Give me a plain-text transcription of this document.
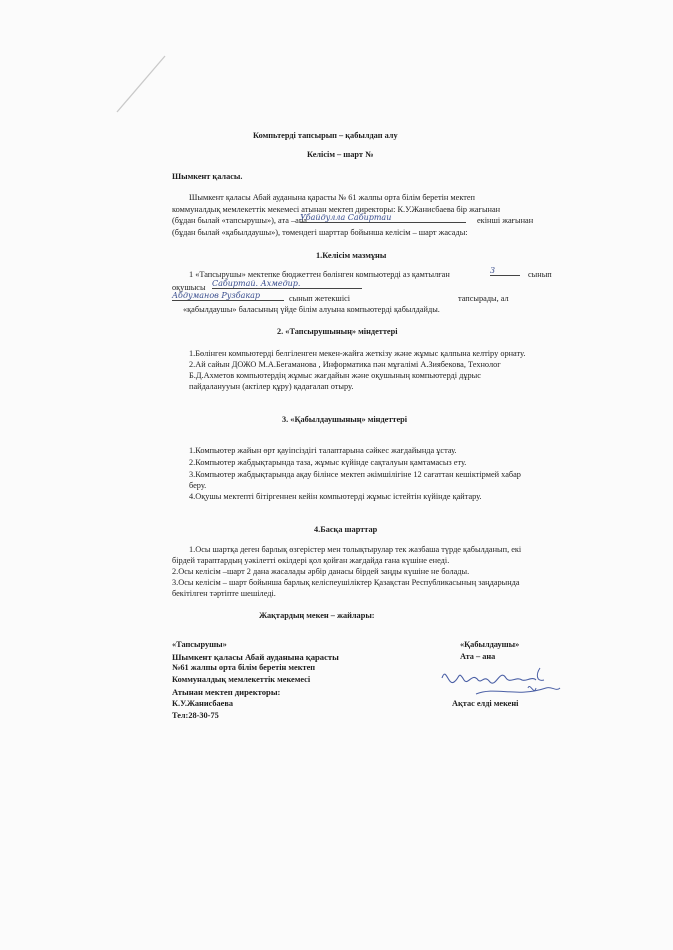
Компьтерді тапсырып – қабылдап алу
Келісім – шарт №
Шымкент қаласы.
Шымкент қаласы Абай ауданына қарасты № 61 жалпы орта білім беретін мектеп
коммуналдық мемлекеттік мекемесі атынан мектеп директоры: К.У.Жанисбаева бір жағынан
(бұдан былай «тапсырушы»), ата –ана
Убайдулла Сабиртаи	екінші жағынан
(бұдан былай «қабылдаушы»), төмендегі шарттар бойынша келісім – шарт жасады:
1.Келісім мазмұны
1 «Тапсырушы» мектепке бюджеттен бөлінген компьютерді аз қамтылған	3	сынып
оқушысы Сабиртай. Ахмедир.
Абдуманов Рузбакар	сынып жетекшісі	тапсырады, ал
«қабылдаушы» баласының үйде білім алуына компьютерді қабылдайды.
2. «Тапсырушының» міндеттері
1.Бөлінген компьютерді белгіленген мекен-жайға жеткізу және жұмыс қалпына келтіру орнату.
2.Ай сайын ДОЖО М.А.Бегаманова , Информатика пән мұғалімі А.Зиябекова, Технолог
Б.Д.Ахметов компьютердің жұмыс жағдайын және оқушының компьютерді дұрыс
пайдаланууын (актілер құру) қадағалап отыру.
3. «Қабылдаушының» міндеттері
1.Компьютер жайын өрт қауіпсіздігі талаптарына сәйкес жағдайында ұстау.
2.Компьютер жабдықтарында таза, жұмыс күйінде сақталуын қамтамасыз ету.
3.Компьютер жабдықтарында ақау білінсе мектеп әкімшілігіне 12 сағаттан кешіктірмей хабар
беру.
4.Оқушы мектепті бітіргеннен кейін компьютерді жұмыс істейтін күйінде қайтару.
4.Басқа шарттар
1.Осы шартқа деген барлық өзгерістер мен толықтырулар тек жазбаша түрде қабылданып, екі
бірдей тараптардың уәкілетті өкілдері қол қойған жағдайда ғана күшіне енеді.
2.Осы келісім –шарт 2 дана жасалады әрбір данасы бірдей заңды күшіне не болады.
3.Осы келісім – шарт бойынша барлық келіспеушіліктер Қазақстан Республикасының заңдарында
бекітілген тәртіпте шешіледі.
Жақтардың мекен – жайлары:
«Тапсырушы»
Шымкент қаласы Абай ауданына қарасты
№61 жалпы орта білім беретін мектеп
Коммуналдық мемлекеттік мекемесі
Атынан мектеп директоры:
К.У.Жанисбаева
Тел:28-30-75
«Қабылдаушы»
Ата – ана
Ақтас елді мекені
